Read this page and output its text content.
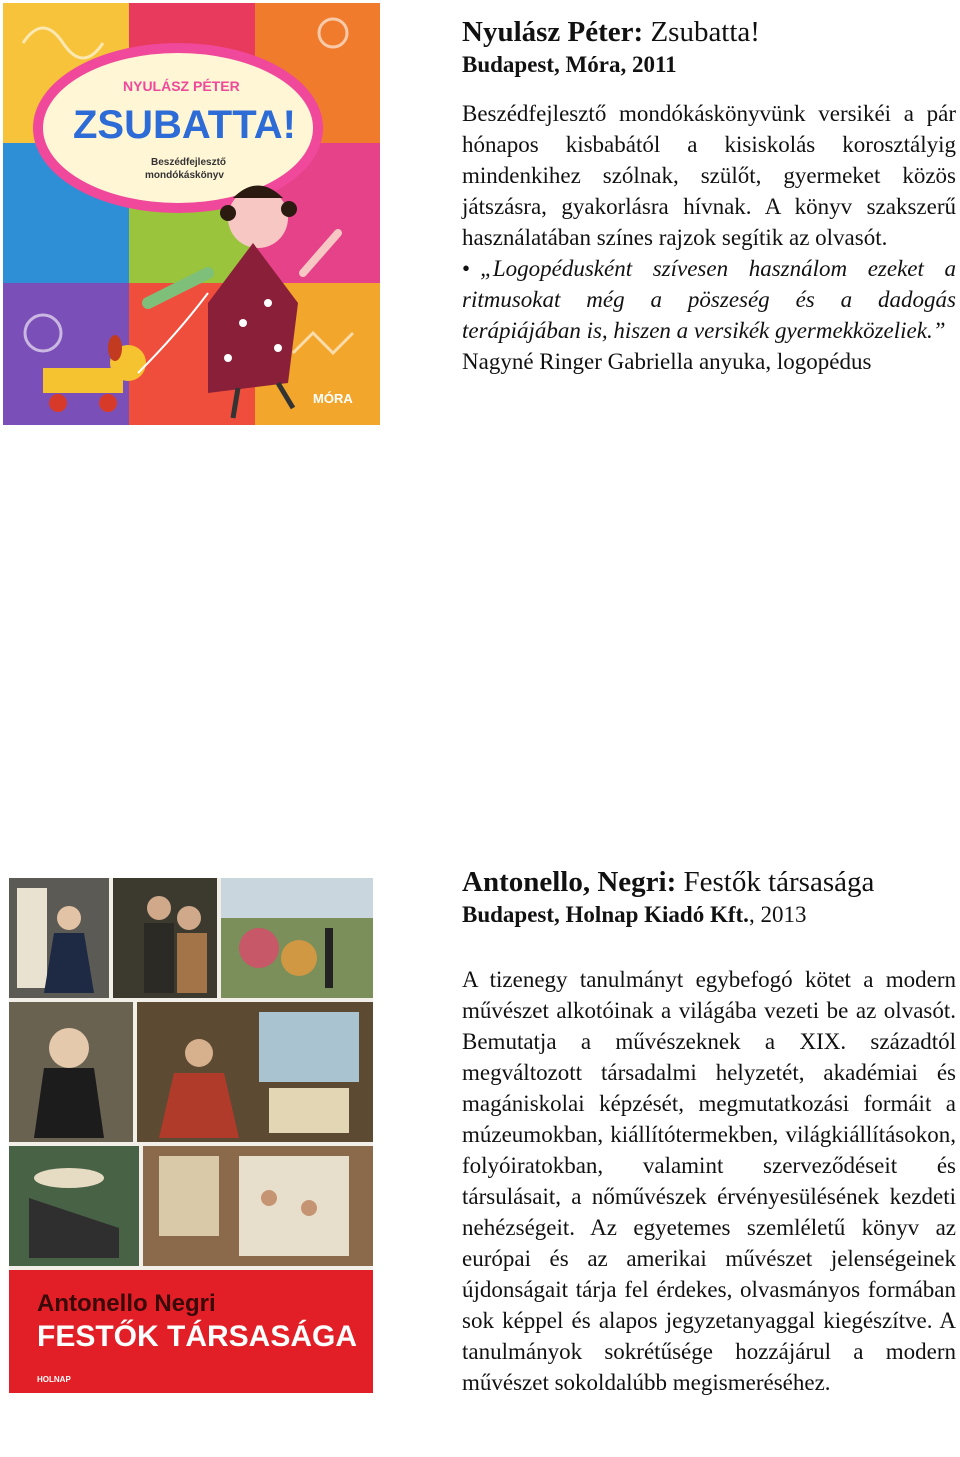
NYULÁSZ PÉTER
ZSUBATTA!
Beszédfejlesztő
mondókáskönyv
MÓRA

Nyulász Péter: Zsubatta!

Budapest, Móra, 2011

Beszédfejlesztő mondókáskönyvünk versikéi a pár hónapos kisbabától a kisiskolás korosztályig mindenkihez szólnak, szülőt, gyermeket közös játszásra, gyakorlásra hívnak. A könyv szakszerű használatában színes rajzok segítik az olvasót.

• „Logopédusként szívesen használom ezeket a ritmusokat még a pöszeség és a dadogás terápiájában is, hiszen a versikék gyermekközeliek.”

Nagyné Ringer Gabriella anyuka, logopédus

Antonello Negri
FESTŐK TÁRSASÁGA
HOLNAP

Antonello, Negri: Festők társasága

Budapest, Holnap Kiadó Kft., 2013

A tizenegy tanulmányt egybefogó kötet a modern művészet alkotóinak a világába vezeti be az olvasót. Bemutatja a művészeknek a XIX. századtól megváltozott társadalmi helyzetét, akadémiai és magániskolai képzését, megmutatkozási formáit a múzeumokban, kiállítótermekben, világkiállításokon, folyóiratokban, valamint szerveződéseit és társulásait, a nőművészek érvényesülésének kezdeti nehézségeit. Az egyetemes szemléletű könyv az európai és az amerikai művészet jelenségeinek újdonságait tárja fel érdekes, olvasmányos formában sok képpel és alapos jegyzetanyaggal kiegészítve. A tanulmányok sokrétűsége hozzájárul a modern művészet sokoldalúbb megismeréséhez.
